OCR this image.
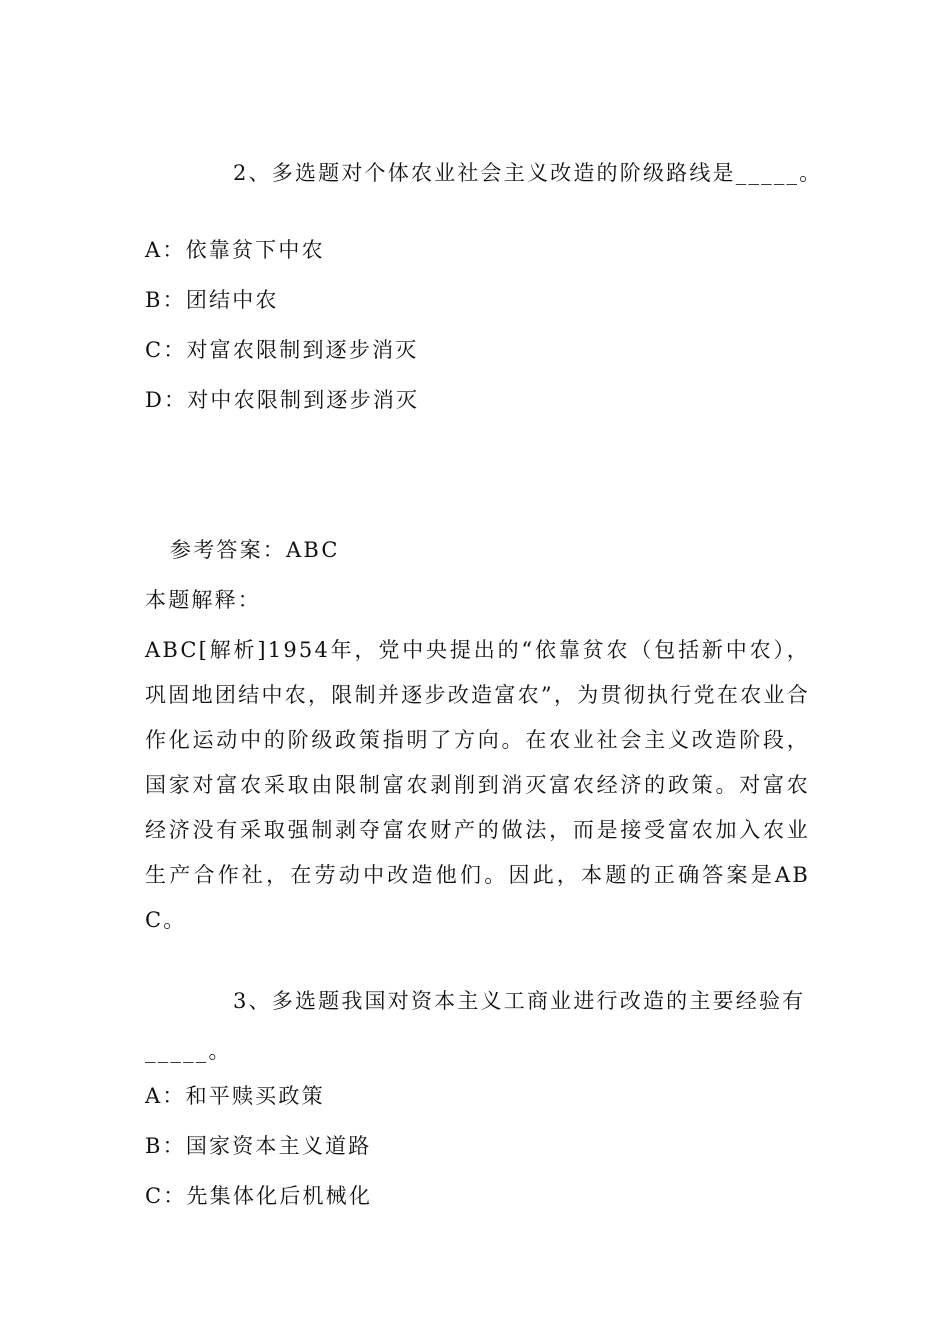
2、多选题对个体农业社会主义改造的阶级路线是_____。
A：依靠贫下中农
B：团结中农
C：对富农限制到逐步消灭
D：对中农限制到逐步消灭
参考答案：ABC
本题解释：
ABC[解析]1954年，党中央提出的“依靠贫农（包括新中农），巩固地团结中农，限制并逐步改造富农”，为贯彻执行党在农业合作化运动中的阶级政策指明了方向。在农业社会主义改造阶段，国家对富农采取由限制富农剥削到消灭富农经济的政策。对富农经济没有采取强制剥夺富农财产的做法，而是接受富农加入农业生产合作社，在劳动中改造他们。因此，本题的正确答案是ABC。
3、多选题我国对资本主义工商业进行改造的主要经验有_____。
A：和平赎买政策
B：国家资本主义道路
C：先集体化后机械化
